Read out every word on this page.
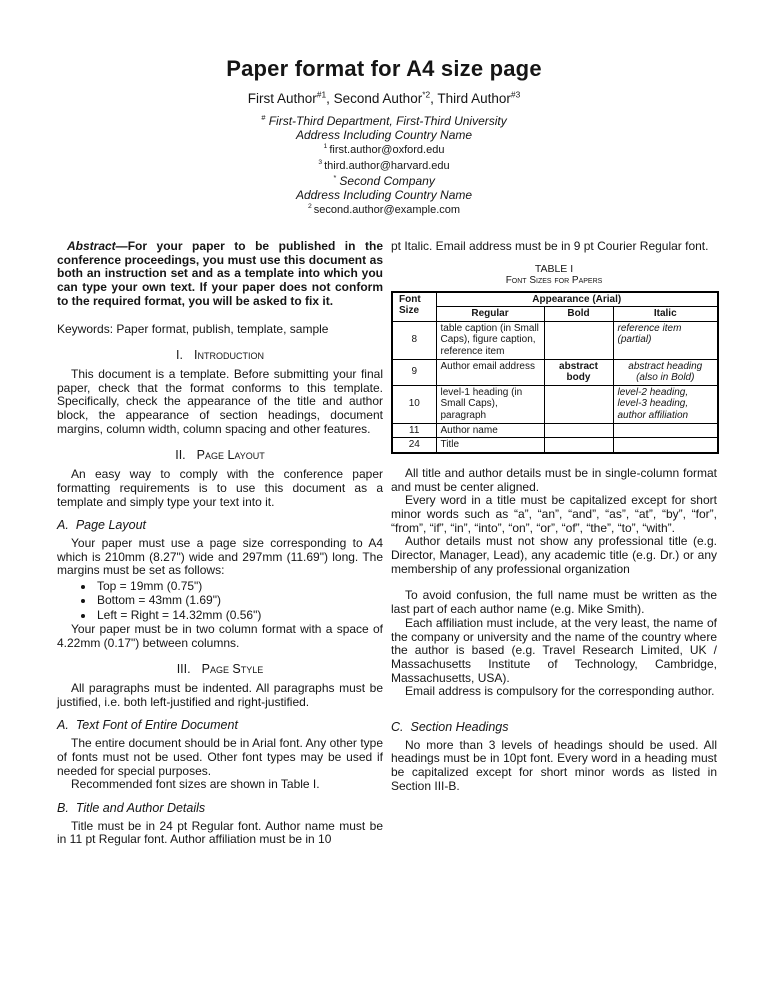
Paper format for A4 size page
First Author$^{\#1}$, Second Author$^{*2}$, Third Author$^{\#3}$
# First-Third Department, First-Third University
Address Including Country Name
$^1$ first.author@oxford.edu
$^3$ third.author@harvard.edu
* Second Company
Address Including Country Name
$^2$ second.author@example.com

Abstract—For your paper to be published in the conference proceedings, you must use this document as both an instruction set and as a template into which you can type your own text. If your paper does not conform to the required format, you will be asked to fix it.

Keywords: Paper format, publish, template, sample

I. Introduction

This document is a template. Before submitting your final paper, check that the format conforms to this template. Specifically, check the appearance of the title and author block, the appearance of section headings, document margins, column width, column spacing and other features.

II. Page Layout

An easy way to comply with the conference paper formatting requirements is to use this document as a template and simply type your text into it.

A. Page Layout

Your paper must use a page size corresponding to A4 which is 210mm (8.27") wide and 297mm (11.69") long. The margins must be set as follows:

• Top = 19mm (0.75")
• Bottom = 43mm (1.69")
• Left = Right = 14.32mm (0.56")

Your paper must be in two column format with a space of 4.22mm (0.17") between columns.

III. Page Style

All paragraphs must be indented. All paragraphs must be justified, i.e. both left-justified and right-justified.

A. Text Font of Entire Document

The entire document should be in Arial font. Any other type of fonts must not be used. Other font types may be used if needed for special purposes.

Recommended font sizes are shown in Table I.

B. Title and Author Details

Title must be in 24 pt Regular font. Author name must be in 11 pt Regular font. Author affiliation must be in 10

pt Italic. Email address must be in 9 pt Courier Regular font.

TABLE I
Font Sizes for Papers
Font Size	Appearance (Arial)		
	Regular	Bold	Italic
8	table caption (in Small Caps), figure caption, reference item		reference item (partial)
9	Author email address	abstract body	abstract heading (also in Bold)
10	level-1 heading (in Small Caps), paragraph		level-2 heading, level-3 heading, author affiliation
11	Author name		
24	Title		

All title and author details must be in single-column format and must be center aligned.

Every word in a title must be capitalized except for short minor words such as “a”, “an”, “and”, “as”, “at”, “by”, “for”, “from”, “if”, “in”, “into”, “on”, “or”, “of”, “the”, “to”, “with”.

Author details must not show any professional title (e.g. Director, Manager, Lead), any academic title (e.g. Dr.) or any membership of any professional organization

To avoid confusion, the full name must be written as the last part of each author name (e.g. Mike Smith).

Each affiliation must include, at the very least, the name of the company or university and the name of the country where the author is based (e.g. Travel Research Limited, UK / Massachusetts Institute of Technology, Cambridge, Massachusetts, USA).

Email address is compulsory for the corresponding author.

C. Section Headings

No more than 3 levels of headings should be used. All headings must be in 10pt font. Every word in a heading must be capitalized except for short minor words as listed in Section III-B.
